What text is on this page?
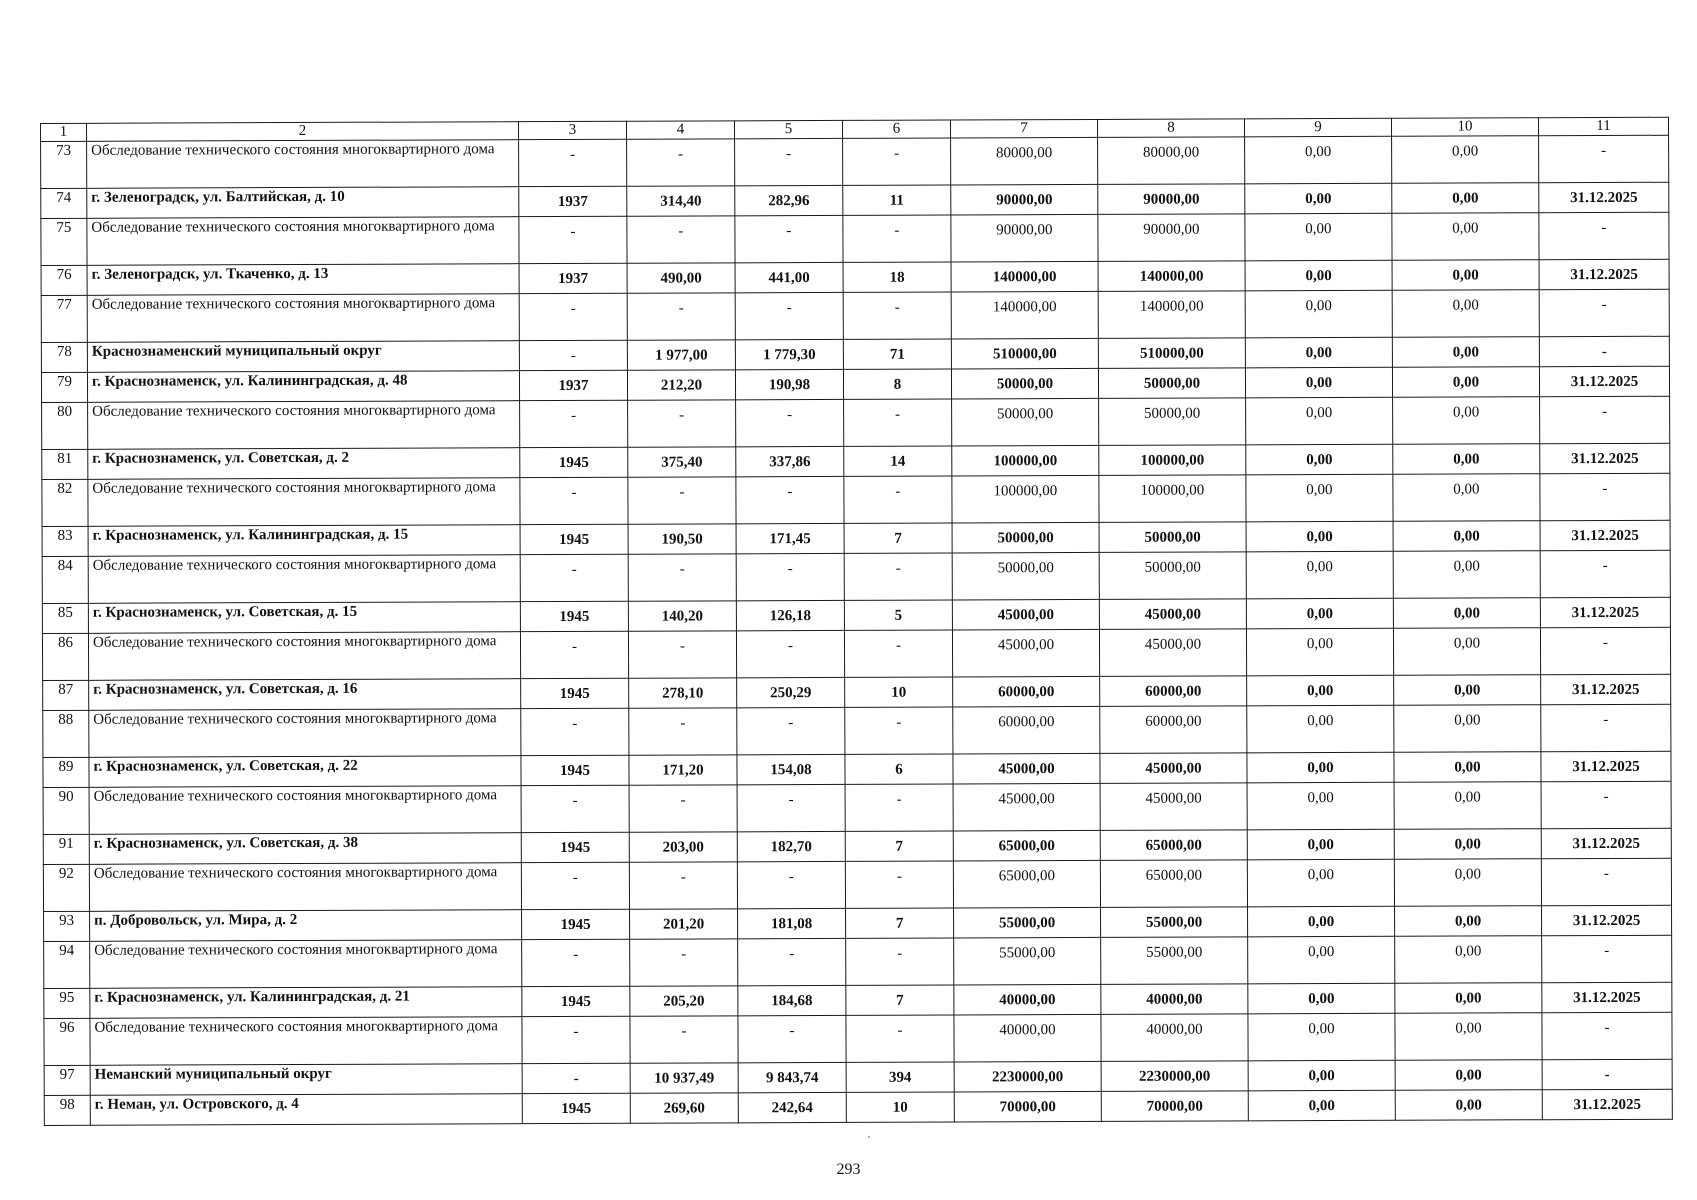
1	2	3	4	5	6	7	8	9	10	11
73	Обследование технического состояния многоквартирного дома	-	-	-	-	80000,00	80000,00	0,00	0,00	-
74	г. Зеленоградск, ул. Балтийская, д. 10	1937	314,40	282,96	11	90000,00	90000,00	0,00	0,00	31.12.2025
75	Обследование технического состояния многоквартирного дома	-	-	-	-	90000,00	90000,00	0,00	0,00	-
76	г. Зеленоградск, ул. Ткаченко, д. 13	1937	490,00	441,00	18	140000,00	140000,00	0,00	0,00	31.12.2025
77	Обследование технического состояния многоквартирного дома	-	-	-	-	140000,00	140000,00	0,00	0,00	-
78	Краснознаменский муниципальный округ	-	1 977,00	1 779,30	71	510000,00	510000,00	0,00	0,00	-
79	г. Краснознаменск, ул. Калининградская, д. 48	1937	212,20	190,98	8	50000,00	50000,00	0,00	0,00	31.12.2025
80	Обследование технического состояния многоквартирного дома	-	-	-	-	50000,00	50000,00	0,00	0,00	-
81	г. Краснознаменск, ул. Советская, д. 2	1945	375,40	337,86	14	100000,00	100000,00	0,00	0,00	31.12.2025
82	Обследование технического состояния многоквартирного дома	-	-	-	-	100000,00	100000,00	0,00	0,00	-
83	г. Краснознаменск, ул. Калининградская, д. 15	1945	190,50	171,45	7	50000,00	50000,00	0,00	0,00	31.12.2025
84	Обследование технического состояния многоквартирного дома	-	-	-	-	50000,00	50000,00	0,00	0,00	-
85	г. Краснознаменск, ул. Советская, д. 15	1945	140,20	126,18	5	45000,00	45000,00	0,00	0,00	31.12.2025
86	Обследование технического состояния многоквартирного дома	-	-	-	-	45000,00	45000,00	0,00	0,00	-
87	г. Краснознаменск, ул. Советская, д. 16	1945	278,10	250,29	10	60000,00	60000,00	0,00	0,00	31.12.2025
88	Обследование технического состояния многоквартирного дома	-	-	-	-	60000,00	60000,00	0,00	0,00	-
89	г. Краснознаменск, ул. Советская, д. 22	1945	171,20	154,08	6	45000,00	45000,00	0,00	0,00	31.12.2025
90	Обследование технического состояния многоквартирного дома	-	-	-	-	45000,00	45000,00	0,00	0,00	-
91	г. Краснознаменск, ул. Советская, д. 38	1945	203,00	182,70	7	65000,00	65000,00	0,00	0,00	31.12.2025
92	Обследование технического состояния многоквартирного дома	-	-	-	-	65000,00	65000,00	0,00	0,00	-
93	п. Добровольск, ул. Мира, д. 2	1945	201,20	181,08	7	55000,00	55000,00	0,00	0,00	31.12.2025
94	Обследование технического состояния многоквартирного дома	-	-	-	-	55000,00	55000,00	0,00	0,00	-
95	г. Краснознаменск, ул. Калининградская, д. 21	1945	205,20	184,68	7	40000,00	40000,00	0,00	0,00	31.12.2025
96	Обследование технического состояния многоквартирного дома	-	-	-	-	40000,00	40000,00	0,00	0,00	-
97	Неманский муниципальный округ	-	10 937,49	9 843,74	394	2230000,00	2230000,00	0,00	0,00	-
98	г. Неман, ул. Островского, д. 4	1945	269,60	242,64	10	70000,00	70000,00	0,00	0,00	31.12.2025
293
